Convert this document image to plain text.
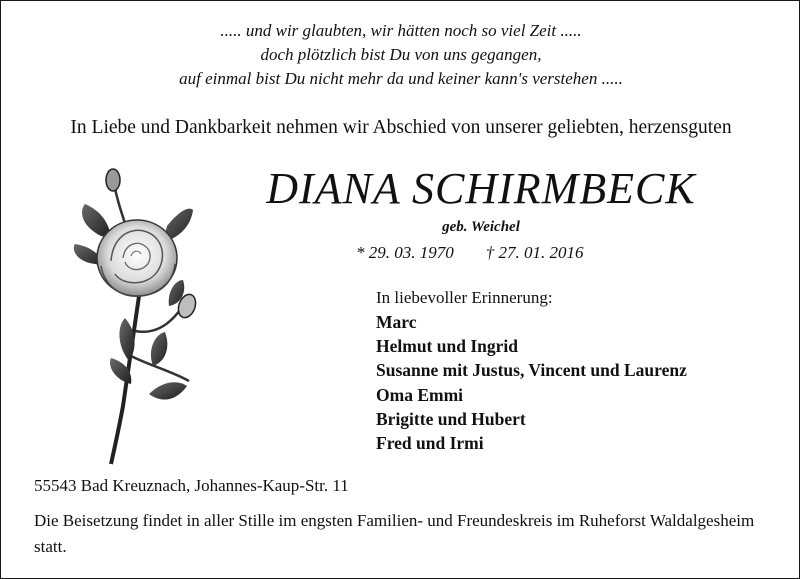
..... und wir glaubten, wir hätten noch so viel Zeit .....
doch plötzlich bist Du von uns gegangen,
auf einmal bist Du nicht mehr da und keiner kann's verstehen .....

In Liebe und Dankbarkeit nehmen wir Abschied von unserer geliebten, herzensguten

DIANA SCHIRMBECK

geb. Weichel

* 29. 03. 1970 † 27. 01. 2016

In liebevoller Erinnerung:

Marc
Helmut und Ingrid
Susanne mit Justus, Vincent und Laurenz
Oma Emmi
Brigitte und Hubert
Fred und Irmi

55543 Bad Kreuznach, Johannes-Kaup-Str. 11

Die Beisetzung findet in aller Stille im engsten Familien- und Freundeskreis im Ruheforst Waldalgesheim statt.
